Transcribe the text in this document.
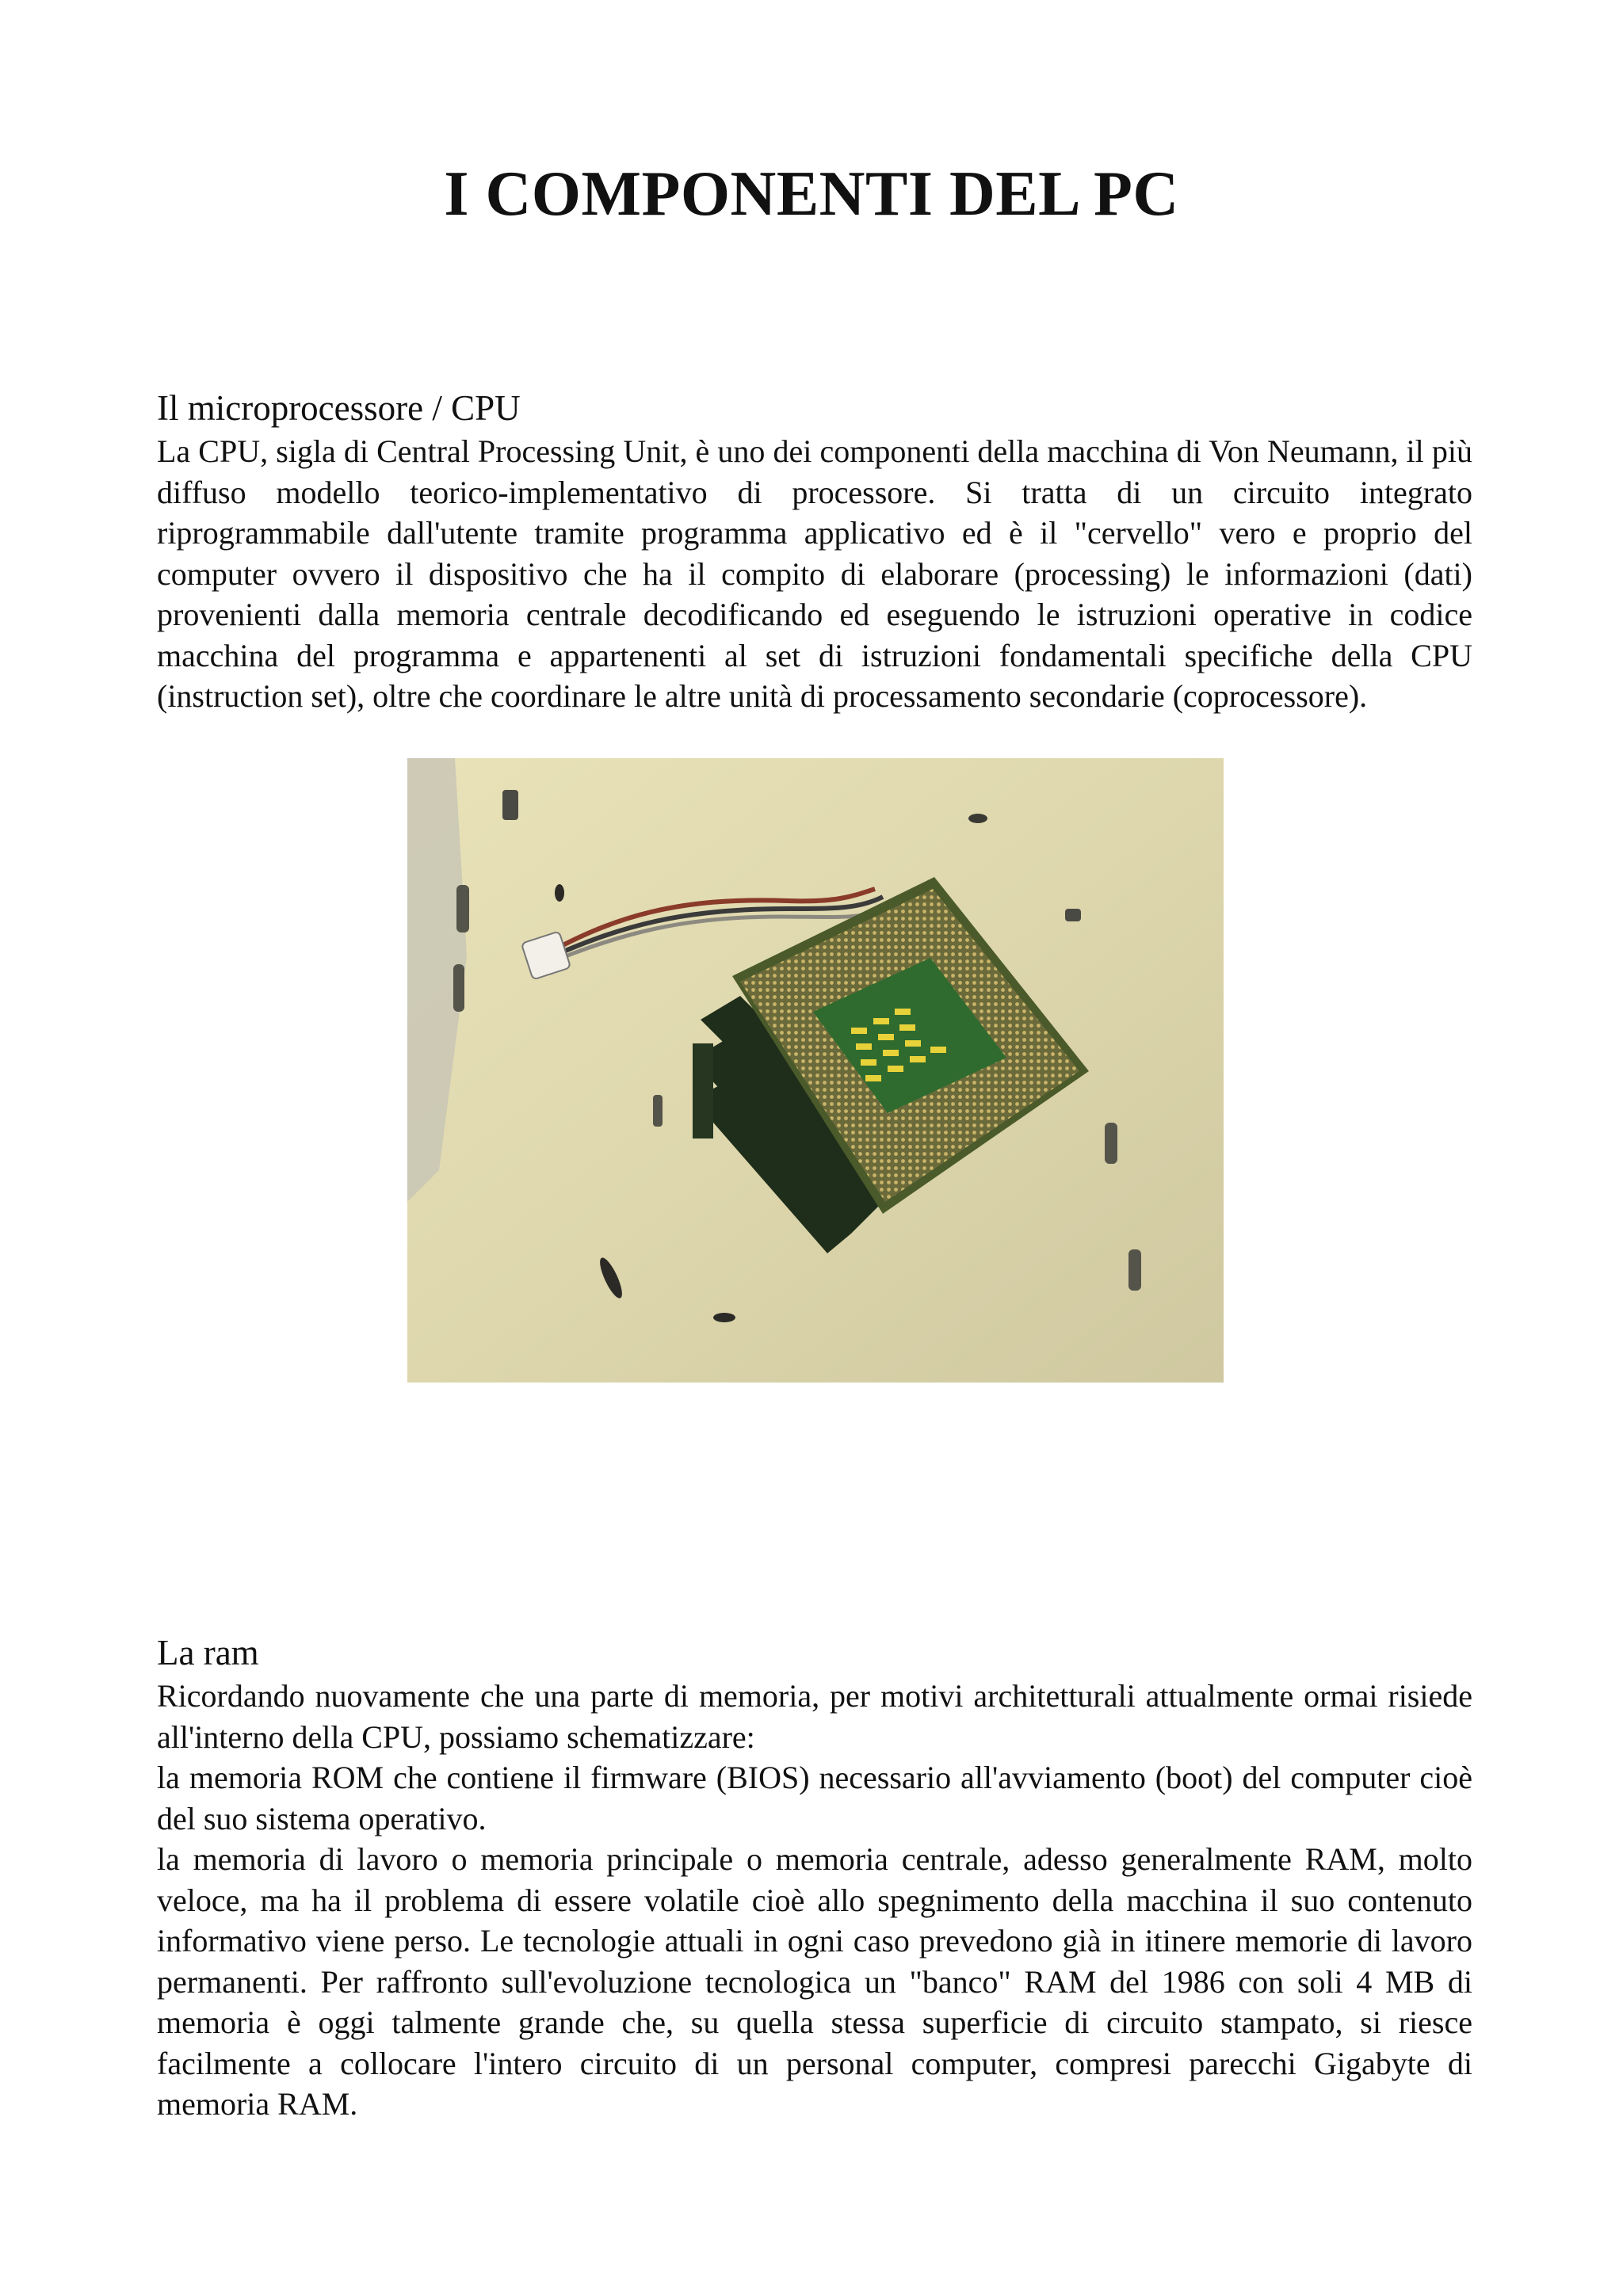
I COMPONENTI DEL PC
Il microprocessore / CPU

La CPU, sigla di Central Processing Unit, è uno dei componenti della macchina di Von Neumann, il più diffuso modello teorico-implementativo di processore. Si tratta di un circuito integrato riprogrammabile dall'utente tramite programma applicativo ed è il "cervello" vero e proprio del computer ovvero il dispositivo che ha il compito di elaborare (processing) le informazioni (dati) provenienti dalla memoria centrale decodificando ed eseguendo le istruzioni operative in codice macchina del programma e appartenenti al set di istruzioni fondamentali specifiche della CPU (instruction set), oltre che coordinare le altre unità di processamento secondarie (coprocessore).

La ram

Ricordando nuovamente che una parte di memoria, per motivi architetturali attualmente ormai risiede all'interno della CPU, possiamo schematizzare:

la memoria ROM che contiene il firmware (BIOS) necessario all'avviamento (boot) del computer cioè del suo sistema operativo.

la memoria di lavoro o memoria principale o memoria centrale, adesso generalmente RAM, molto veloce, ma ha il problema di essere volatile cioè allo spegnimento della macchina il suo contenuto informativo viene perso. Le tecnologie attuali in ogni caso prevedono già in itinere memorie di lavoro permanenti. Per raffronto sull'evoluzione tecnologica un "banco" RAM del 1986 con soli 4 MB di memoria è oggi talmente grande che, su quella stessa superficie di circuito stampato, si riesce facilmente a collocare l'intero circuito di un personal computer, compresi parecchi Gigabyte di memoria RAM.
